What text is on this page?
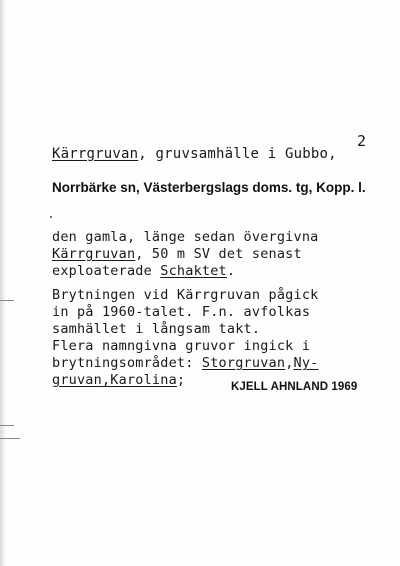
2
Kärrgruvan, gruvsamhälle i Gubbo,
Norrbärke sn, Västerbergslags doms. tg, Kopp. l.
den gamla, länge sedan övergivna
Kärrgruvan, 50 m SV det senast
exploaterade Schaktet.
Brytningen vid Kärrgruvan pågick
in på 1960-talet. F.n. avfolkas
samhället i långsam takt.
Flera namngivna gruvor ingick i
brytningsområdet: Storgruvan,Ny-
gruvan,Karolina;	KJELL AHNLAND 1969
